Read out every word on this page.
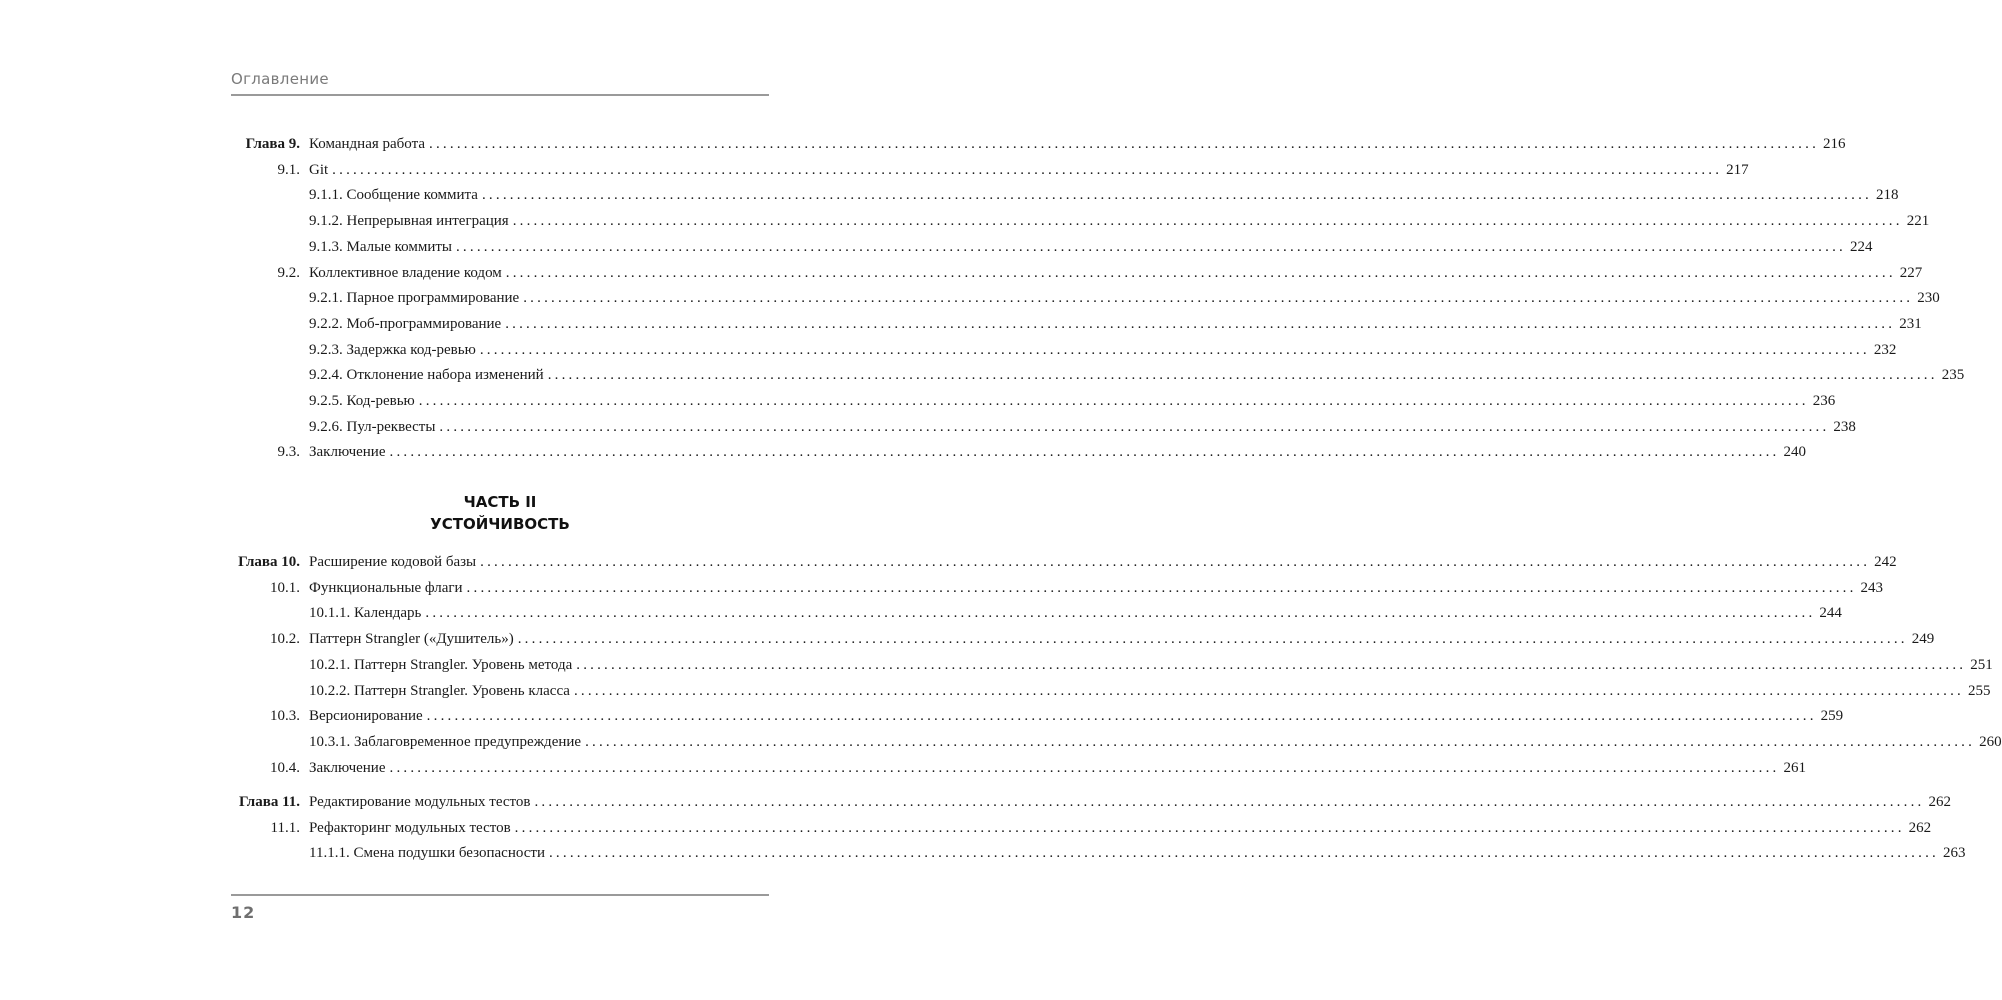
Оглавление
Глава 9. Командная работа ........................................................................................................................................................................................................ 216
9.1. Git ........................................................................................................................................................................................................ 217
9.1.1. Сообщение коммита ........................................................................................................................................................................................................ 218
9.1.2. Непрерывная интеграция ........................................................................................................................................................................................................ 221
9.1.3. Малые коммиты ........................................................................................................................................................................................................ 224
9.2. Коллективное владение кодом ........................................................................................................................................................................................................ 227
9.2.1. Парное программирование ........................................................................................................................................................................................................ 230
9.2.2. Моб-программирование ........................................................................................................................................................................................................ 231
9.2.3. Задержка код-ревью ........................................................................................................................................................................................................ 232
9.2.4. Отклонение набора изменений ........................................................................................................................................................................................................ 235
9.2.5. Код-ревью ........................................................................................................................................................................................................ 236
9.2.6. Пул-реквесты ........................................................................................................................................................................................................ 238
9.3. Заключение ........................................................................................................................................................................................................ 240
ЧАСТЬ II
УСТОЙЧИВОСТЬ
Глава 10. Расширение кодовой базы ........................................................................................................................................................................................................ 242
10.1. Функциональные флаги ........................................................................................................................................................................................................ 243
10.1.1. Календарь ........................................................................................................................................................................................................ 244
10.2. Паттерн Strangler («Душитель») ........................................................................................................................................................................................................ 249
10.2.1. Паттерн Strangler. Уровень метода ........................................................................................................................................................................................................ 251
10.2.2. Паттерн Strangler. Уровень класса ........................................................................................................................................................................................................ 255
10.3. Версионирование ........................................................................................................................................................................................................ 259
10.3.1. Заблаговременное предупреждение ........................................................................................................................................................................................................ 260
10.4. Заключение ........................................................................................................................................................................................................ 261
Глава 11. Редактирование модульных тестов ........................................................................................................................................................................................................ 262
11.1. Рефакторинг модульных тестов ........................................................................................................................................................................................................ 262
11.1.1. Смена подушки безопасности ........................................................................................................................................................................................................ 263
12
